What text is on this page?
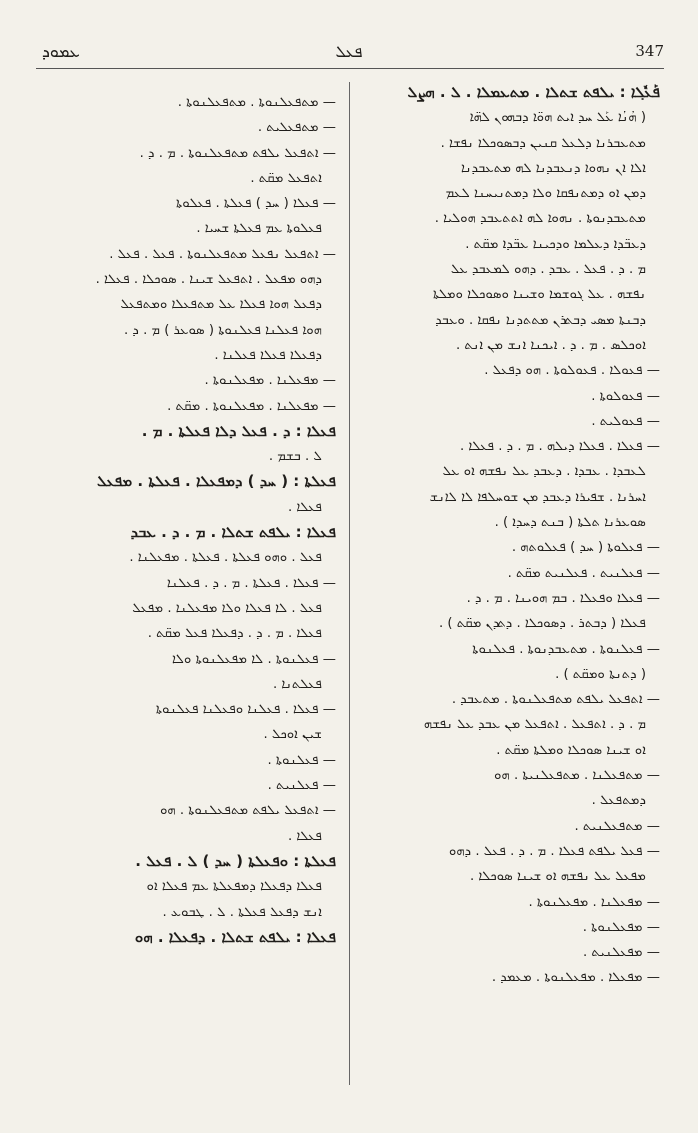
ܥܡܘܕ	ܦܥܠ	347
ܦܰܥܽܠ݂ܐ : ܝܠܦܬ ܫܬܠܐ . ܡܬܥܡܠܐ . ܠ . ܗܨܠ
( ܗܳܢܳܐ ܥܰܠ ܚܕ ܐܝܬ ܗܘ̈ܐ ܕܒܗܘܢ ܠܗ̈ܐ
ܡܬܥܒܪܢܐ ܕܠܥܠ ܩܢܝܢ ܕܒܣܘܟܠܐ ܢܦܫܐ .
ܐܠܐ ܐܢ ܢܗܘܐ ܕܢܥܒܕܢܐ ܠܗ ܡܬܥܒܕܢܐ
ܕܡܢ ܐܘ ܕܡܬܢܦܩܐ ܘܠܐ ܕܡܬܢܝܚܢܐ ܠܥܡ
ܡܬܥܒܕܢܘܬܐ . ܢܗܘܐ ܠܗ ܐܬܬܥܒܕ ܗܘܠܝܐ .
ܕܥܒ̈ܕܐ ܕܥܠܡܐ ܘܕܟܝܢܐ ܥܒ̈ܕܐ ܡܩ̈ܬ .
ܡ . ܕ . ܦܥܠ . ܥܒܕ . ܕܗܘ ܠܡܥܒܕ ܥܠ
ܢܦܫܗ . ܥܠ ܓܘܫܡܐ ܘܫܝܢܐ ܘܣܘܟܠܐ ܘܡܠܬܐ
ܕܒܢܬܐ ܡܣܝ ܕܒܬܪܢ ܡܬܬܕܢܐ ܢܦܩܐ . ܘܥܒܕ
ܐܘܟܠܣ . ܡ . ܕ . ܐܝܟܢܐ ܐܢܫ ܡܢ ܐܢܬ .
— ܦܥܘܠܐ . ܦܥܘܠܘܬܐ . ܗܘ ܕܦܥܠ .
— ܦܥܘܠܘܬܐ .
— ܦܥܘܠܝܬ .
— ܦܥܠܐ . ܦܥܠܐ ܕܝܠܗ . ܡ . ܕ . ܦܥܠܐ .
ܠܥܒܕܐ . ܥܒܕܐ . ܕܥܒܕ ܥܠ ܢܦܫܗ ܐܘ ܥܠ
ܐܚܪܢܐ . ܫܦܝܪܐ ܕܥܒܕ ܡܢ ܫܘܚܠܦܐ ܠܐ ܠܐܢܫ
ܣܘܥܪܢܐ ܬܠܬܐ ( ܒܢܬ ܕܚܕܐ ) .
— ܦܥܠܘܬܐ ( ܚܕ ) ܦܥܠܘܬܗ .
— ܦܥܠܢܝܬ . ܦܥܠܢܝܬ ܡܩ̈ܬ .
— ܦܥܠܐ ܘܦܥܠܐ . ܒܡ ܗܘܝܢܐ . ܡ . ܕ .
ܦܥܠܐ ( ܕܒܬܪ . ܕܣܘܟܠܐ . ܕܬܕܢ ܡܩ̈ܬ ) .
— ܦܥܠܢܘܬܐ . ܡܬܥܒܕܢܘܬܐ . ܦܥܠܢܘܬܐ
( ܕܬܢܬܐ ܘܡܩ̈ܬ ) .
— ܐܬܦܥܠ ܝܠܦܬ ܡܬܦܥܠܢܘܬܐ . ܡܬܥܒܕ .
ܡ . ܕ . ܐܬܦܥܠ . ܐܬܦܥܠ ܡܢ ܥܒܕ ܥܠ ܢܦܫܗ
ܐܘ ܫܝܢܐ ܣܘܟܠܐ ܘܡܠܬܐ ܡܩ̈ܬ .
— ܡܬܦܥܠܢܐ . ܡܬܦܥܠܢܝܬܐ . ܗܘ
ܕܡܬܦܥܠ .
— ܡܬܦܥܠܢܝܬ .
— ܦܥܠ ܝܠܦܬ ܦܥܠܐ . ܡ . ܕ . ܦܥܠ . ܕܗܘ
ܡܦܥܠ ܥܠ ܢܦܫܗ ܐܘ ܫܝܢܐ ܣܘܟܠܐ .
— ܡܦܥܠܢܐ . ܡܦܥܠܢܘܬܐ .
— ܡܦܥܠܢܘܬܐ .
— ܡܦܥܠܢܝܬ .
— ܡܦܥܠܐ . ܡܦܥܠܢܘܬܐ . ܡܥܡܕ .
— ܡܬܦܥܠܢܘܬܐ . ܡܬܦܥܠܢܘܬܐ .
— ܡܬܦܥܠܝܬ .
— ܐܬܦܥܠ ܝܠܦܬ ܡܬܦܥܠܢܘܬܐ . ܡ . ܕ .
ܐܬܦܥܠ ܡܩ̈ܬ .
— ܦܥܠܐ ( ܚܕ ) ܦܥܠܬܐ . ܦܥܠܘܬܐ
ܦܥܠܘܬܐ ܥܡ ܦܥܠܬܐ ܫܚܝܐ .
— ܐܬܦܥܠ ܢܦܥܠ ܡܬܦܥܠܢܘܬܐ . ܦܥܠ . ܦܥܠ .
ܕܗܘ ܡܦܥܠ . ܐܬܦܥܠ ܫܝܢܐ . ܣܘܟܠܐ . ܦܥܠܐ .
ܕܦܥܠ ܗܘܐ ܦܥܠܐ ܥܠ ܡܬܦܥܠܐ ܘܡܬܦܥܠ
ܗܘܐ ܦܥܠܢܐ ܦܥܠܢܘܬܐ ( ܣܘܥܪ ) ܡ . ܕ .
ܕܦܥܠܐ ܦܥܠܐ ܦܥܠܢܐ .
— ܡܦܥܠܢܐ . ܡܦܥܠܢܘܬܐ .
— ܡܦܥܠܢܐ . ܡܦܥܠܢܘܬܐ . ܡܩ̈ܬ .
ܦܥܠܐ : ܕ . ܦܥܠ ܕܠܐ ܦܥܠܬܐ . ܡ .
ܠ . ܒܫܡ .
ܦܥܠܬܐ : ( ܚܕ ) ܕܡܦܥܠܐ . ܦܥܠܬܐ . ܡܦܥܠ
ܦܥܠܐ .
ܦܥܠܐ : ܝܠܦܬ ܫܬܠܐ . ܡ . ܕ . ܥܒܕ
ܦܥܠ . ܘܗܘ ܦܥܠܬܐ . ܦܥܠܬܐ . ܡܦܥܠܢܐ .
— ܦܥܠܐ . ܦܥܠܬܐ . ܡ . ܕ . ܦܥܠܢܐ
ܦܥܠ . ܠܐ ܦܥܠܐ ܘܠܐ ܡܦܥܠܢܐ . ܡܦܥܠ
ܦܥܠܐ . ܡ . ܕ . ܕܦܥܠܐ ܦܥܠ ܡܩ̈ܬ .
— ܦܥܠܢܘܬܐ . ܠܐ ܡܦܥܠܢܘܬܐ ܘܠܐ
ܦܥܠܬܢܐ .
— ܦܥܠܐ . ܦܥܠܢܐ ܘܦܥܠܢܐ ܦܥܠܢܘܬܐ
ܫܝܢ ܐܘܟܠ .
— ܦܥܠܢܘܬܐ .
— ܦܥܠܢܝܬ .
— ܐܬܦܥܠ ܝܠܦܬ ܡܬܦܥܠܢܘܬܐ . ܗܘ
ܦܥܠܐ .
ܦܥܠܬܐ : ܘܦܥܠܬܐ ( ܚܕ ) ܠ . ܦܥܠ .
ܦܥܠܐ ܕܦܥܠܐ ܕܡܦܥܠܬܐ ܥܡ ܦܥܠܐ ܐܘ
ܐܢܫ ܕܦܥܠ ܦܥܠܬܐ . ܠ . ܛܒܘܥ .
ܦܥܠܐ : ܝܠܦܬ ܫܬܠܐ . ܕܦܥܠܐ . ܗܘ
